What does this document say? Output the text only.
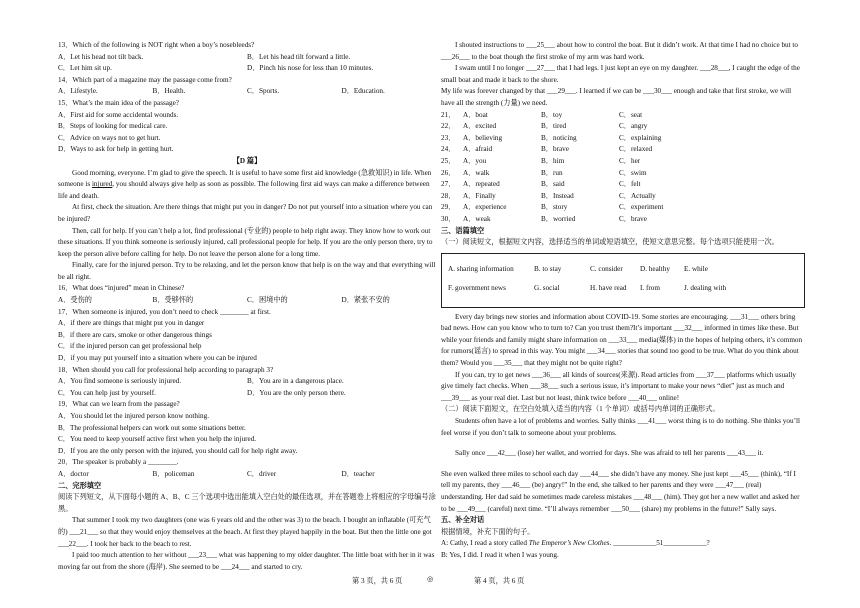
13．Which of the following is NOT right when a boy’s nosebleeds?

A．Let his head not tilt back.	B．Let his head tilt forward a little.
C．Let him sit up.	D．Pinch his nose for less than 10 minutes.

14．Which part of a magazine may the passage come from?

A．Lifestyle.	B．Health.	C．Sports.	D．Education.

15．What’s the main idea of the passage?

A．First aid for some accidental wounds.

B．Steps of looking for medical care.

C．Advice on ways not to get hurt.

D．Ways to ask for help in getting hurt.

【D 篇】

Good morning, everyone. I’m glad to give the speech. It is useful to have some first aid knowledge (急救知识) in life. When someone is injured, you should always give help as soon as possible. The following first aid ways can make a difference between life and death.

At first, check the situation. Are there things that might put you in danger? Do not put yourself into a situation where you can be injured?

Then, call for help. If you can’t help a lot, find professional (专业的) people to help right away. They know how to work out these situations. If you think someone is seriously injured, call professional people for help. If you are the only person there, try to keep the person alive before calling for help. Do not leave the person alone for a long time.

Finally, care for the injured person. Try to be relaxing, and let the person know that help is on the way and that everything will be all right.

16．What does “injured” mean in Chinese?

A．受伤的	B．受够怀的	C．困境中的	D．紧张不安的

17．When someone is injured, you don’t need to check ________ at first.

A．if there are things that might put you in danger

B．if there are cars, smoke or other dangerous things

C．if the injured person can get professional help

D．if you may put yourself into a situation where you can be injured

18．When should you call for professional help according to paragraph 3?

A．You find someone is seriously injured.	B．You are in a dangerous place.
C．You can help just by yourself.	D．You are the only person there.

19．What can we learn from the passage?

A．You should let the injured person know nothing.

B．The professional helpers can work out some situations better.

C．You need to keep yourself active first when you help the injured.

D．If you are the only person with the injured, you should call for help right away.

20．The speaker is probably a ________.

A．doctor	B．policeman	C．driver	D．teacher

二、完形填空

阅读下列短文，从下面每小题的 A、B、C 三个选项中选出能填入空白处的最佳选项，并在答题卷上将相应的字母编号涂黑。

That summer I took my two daughters (one was 6 years old and the other was 3) to the beach. I bought an inflatable (可充气的) ___21___ so that they would enjoy themselves at the beach. At first they played happily in the boat. But then the little one got ___22___. I took her back to the beach to rest.

I paid too much attention to her without ___23___ what was happening to my older daughter. The little boat with her in it was moving far out from the shore (海岸). She seemed to be ___24___ and started to cry.

I shouted instructions to ___25___ about how to control the boat. But it didn’t work. At that time I had no choice but to ___26___ to the boat though the first stroke of my arm was hard work.

I swam until I no longer ___27___ that I had legs. I just kept an eye on my daughter. ___28___, I caught the edge of the small boat and made it back to the shore.

My life was forever changed by that ___29___. I learned if we can be ___30___ enough and take that first stroke, we will have all the strength (力量) we need.

21．	A．boat	B．toy	C．seat
22．	A．excited	B．tired	C．angry
23．	A．believing	B．noticing	C．explaining
24．	A．afraid	B．brave	C．relaxed
25．	A．you	B．him	C．her
26．	A．walk	B．run	C．swim
27．	A．repeated	B．said	C．felt
28．	A．Finally	B．Instead	C．Actually
29．	A．experience	B．story	C．experiment
30．	A．weak	B．worried	C．brave

三、语篇填空

（一）阅读短文，根据短文内容，选择适当的单词或短语填空，使短文意思完整。每个选项只能使用一次。

A. sharing information	B. to stay	C. consider	D. healthy	E. while
F. government news	G. social	H. have read	I. from	J. dealing with

Every day brings new stories and information about COVID-19. Some stories are encouraging. ___31___ others bring bad news. How can you know who to turn to? Can you trust them?It’s important ___32___ informed in times like these. But while your friends and family might share information on ___33___ media(媒体) in the hopes of helping others, it’s common for rumors(谣言) to spread in this way. You might ___34___ stories that sound too good to be true. What do you think about them? Would you ___35___ that they might not be quite right?

If you can, try to get news ___36___ all kinds of sources(来源). Read articles from ___37___ platforms which usually give timely fact checks. When ___38___ such a serious issue, it’s important to make your news “diet” just as much and ___39___ as your real diet. Last but not least, think twice before ___40___ online!

（二）阅读下面短文，在空白处填入适当的内容（1 个单词）或括号内单词的正确形式。

Students often have a lot of problems and worries. Sally thinks ___41___ worst thing is to do nothing. She thinks you’ll feel worse if you don’t talk to someone about your problems.

Sally once ___42___ (lose) her wallet, and worried for days. She was afraid to tell her parents ___43___ it.

She even walked three miles to school each day ___44___ she didn’t have any money. She just kept ___45___ (think), “If I tell my parents, they ___46___ (be) angry!” In the end, she talked to her parents and they were ___47___ (real) understanding. Her dad said he sometimes made careless mistakes ___48___ (him). They got her a new wallet and asked her to be ___49___ (careful) next time. “I’ll always remember ___50___ (share) my problems in the future!” Sally says.

五、补全对话

根据情境，补充下面的句子。

A: Cathy, I read a story called The Emperor’s New Clothes. ____________51____________?

B: Yes, I did. I read it when I was young.

第 3 页，共 6 页	◎	第 4 页，共 6 页
